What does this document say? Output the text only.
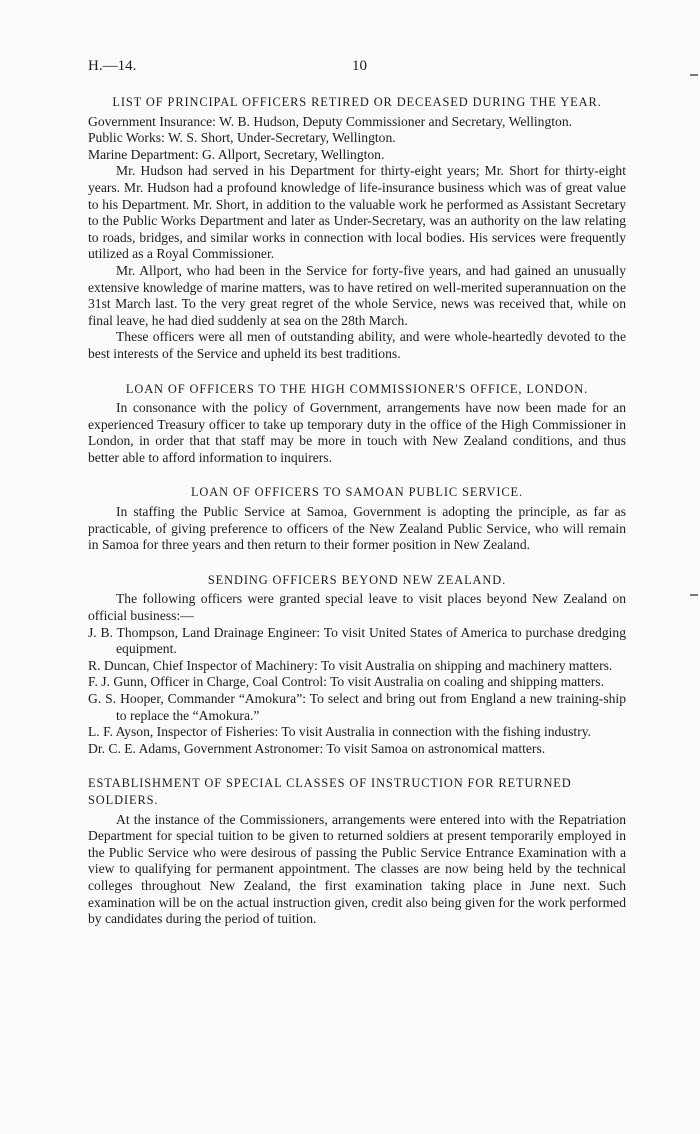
H.—14.	10
LIST OF PRINCIPAL OFFICERS RETIRED OR DECEASED DURING THE YEAR.

Government Insurance: W. B. Hudson, Deputy Commissioner and Secretary, Wellington.

Public Works: W. S. Short, Under-Secretary, Wellington.

Marine Department: G. Allport, Secretary, Wellington.

Mr. Hudson had served in his Department for thirty-eight years; Mr. Short for thirty-eight years. Mr. Hudson had a profound knowledge of life-insurance business which was of great value to his Department. Mr. Short, in addition to the valuable work he performed as Assistant Secretary to the Public Works Department and later as Under-Secretary, was an authority on the law relating to roads, bridges, and similar works in connection with local bodies. His services were frequently utilized as a Royal Commissioner.

Mr. Allport, who had been in the Service for forty-five years, and had gained an unusually extensive knowledge of marine matters, was to have retired on well-merited superannuation on the 31st March last. To the very great regret of the whole Service, news was received that, while on final leave, he had died suddenly at sea on the 28th March.

These officers were all men of outstanding ability, and were whole-heartedly devoted to the best interests of the Service and upheld its best traditions.

LOAN OF OFFICERS TO THE HIGH COMMISSIONER'S OFFICE, LONDON.

In consonance with the policy of Government, arrangements have now been made for an experienced Treasury officer to take up temporary duty in the office of the High Commissioner in London, in order that that staff may be more in touch with New Zealand conditions, and thus better able to afford information to inquirers.

LOAN OF OFFICERS TO SAMOAN PUBLIC SERVICE.

In staffing the Public Service at Samoa, Government is adopting the principle, as far as practicable, of giving preference to officers of the New Zealand Public Service, who will remain in Samoa for three years and then return to their former position in New Zealand.

SENDING OFFICERS BEYOND NEW ZEALAND.

The following officers were granted special leave to visit places beyond New Zealand on official business:—

J. B. Thompson, Land Drainage Engineer: To visit United States of America to purchase dredging equipment.

R. Duncan, Chief Inspector of Machinery: To visit Australia on shipping and machinery matters.

F. J. Gunn, Officer in Charge, Coal Control: To visit Australia on coaling and shipping matters.

G. S. Hooper, Commander “Amokura”: To select and bring out from England a new training-ship to replace the “Amokura.”

L. F. Ayson, Inspector of Fisheries: To visit Australia in connection with the fishing industry.

Dr. C. E. Adams, Government Astronomer: To visit Samoa on astronomical matters.

ESTABLISHMENT OF SPECIAL CLASSES OF INSTRUCTION FOR RETURNED SOLDIERS.

At the instance of the Commissioners, arrangements were entered into with the Repatriation Department for special tuition to be given to returned soldiers at present temporarily employed in the Public Service who were desirous of passing the Public Service Entrance Examination with a view to qualifying for permanent appointment. The classes are now being held by the technical colleges throughout New Zealand, the first examination taking place in June next. Such examination will be on the actual instruction given, credit also being given for the work performed by candidates during the period of tuition.
